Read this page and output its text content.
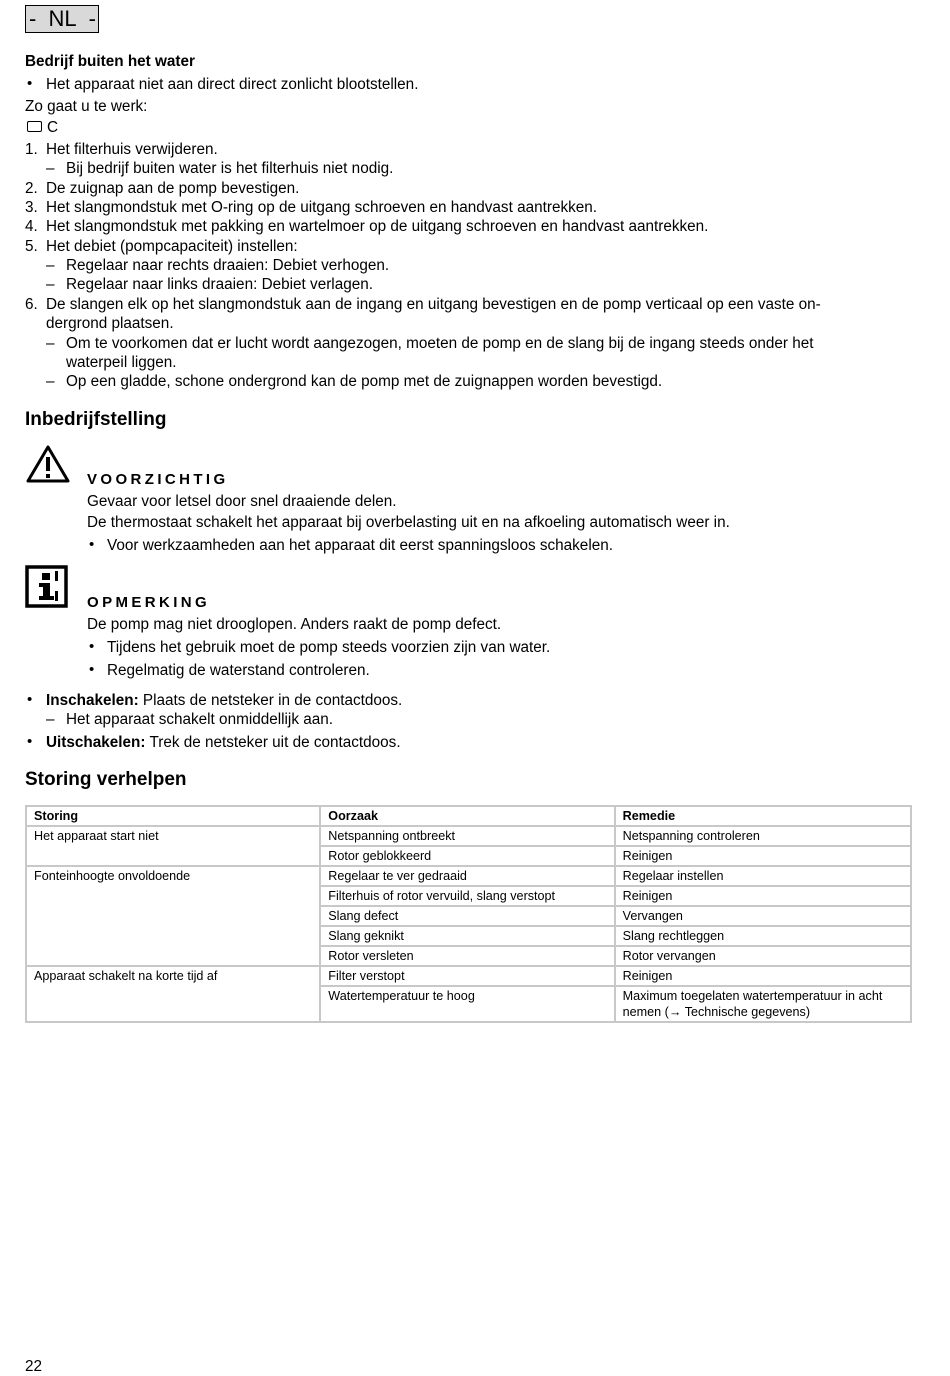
- NL -
Bedrijf buiten het water
• Het apparaat niet aan direct direct zonlicht blootstellen.
Zo gaat u te werk:
C
1. Het filterhuis verwijderen.
– Bij bedrijf buiten water is het filterhuis niet nodig.
2. De zuignap aan de pomp bevestigen.
3. Het slangmondstuk met O-ring op de uitgang schroeven en handvast aantrekken.
4. Het slangmondstuk met pakking en wartelmoer op de uitgang schroeven en handvast aantrekken.
5. Het debiet (pompcapaciteit) instellen:
– Regelaar naar rechts draaien: Debiet verhogen.
– Regelaar naar links draaien: Debiet verlagen.
6. De slangen elk op het slangmondstuk aan de ingang en uitgang bevestigen en de pomp verticaal op een vaste on-
dergrond plaatsen.
– Om te voorkomen dat er lucht wordt aangezogen, moeten de pomp en de slang bij de ingang steeds onder het
waterpeil liggen.
– Op een gladde, schone ondergrond kan de pomp met de zuignappen worden bevestigd.
Inbedrijfstelling
VOORZICHTIG
Gevaar voor letsel door snel draaiende delen.
De thermostaat schakelt het apparaat bij overbelasting uit en na afkoeling automatisch weer in.
• Voor werkzaamheden aan het apparaat dit eerst spanningsloos schakelen.
OPMERKING
De pomp mag niet drooglopen. Anders raakt de pomp defect.
• Tijdens het gebruik moet de pomp steeds voorzien zijn van water.
• Regelmatig de waterstand controleren.
• Inschakelen: Plaats de netsteker in de contactdoos.
– Het apparaat schakelt onmiddellijk aan.
• Uitschakelen: Trek de netsteker uit de contactdoos.
Storing verhelpen
Storing	Oorzaak	Remedie
Het apparaat start niet	Netspanning ontbreekt	Netspanning controleren
	Rotor geblokkeerd	Reinigen
Fonteinhoogte onvoldoende	Regelaar te ver gedraaid	Regelaar instellen
	Filterhuis of rotor vervuild, slang verstopt	Reinigen
	Slang defect	Vervangen
	Slang geknikt	Slang rechtleggen
	Rotor versleten	Rotor vervangen
Apparaat schakelt na korte tijd af	Filter verstopt	Reinigen
	Watertemperatuur te hoog	Maximum toegelaten watertemperatuur in acht nemen (→ Technische gegevens)
22
